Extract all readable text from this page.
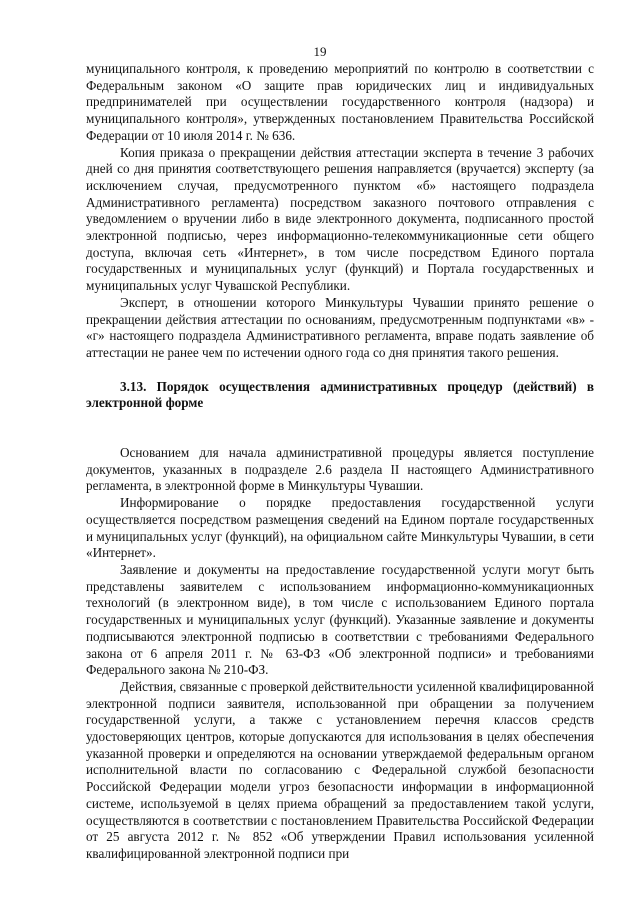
19

муниципального контроля, к проведению мероприятий по контролю в соответствии с Федеральным законом «О защите прав юридических лиц и индивидуальных предпринимателей при осуществлении государственного контроля (надзора) и муниципального контроля», утвержденных постановлением Правительства Российской Федерации от 10 июля 2014 г. № 636.

Копия приказа о прекращении действия аттестации эксперта в течение 3 рабочих дней со дня принятия соответствующего решения направляется (вручается) эксперту (за исключением случая, предусмотренного пунктом «б» настоящего подраздела Административного регламента) посредством заказного почтового отправления с уведомлением о вручении либо в виде электронного документа, подписанного простой электронной подписью, через информационно-телекоммуникационные сети общего доступа, включая сеть «Интернет», в том числе посредством Единого портала государственных и муниципальных услуг (функций) и Портала государственных и муниципальных услуг Чувашской Республики.

Эксперт, в отношении которого Минкультуры Чувашии принято решение о прекращении действия аттестации по основаниям, предусмотренным подпунктами «в» - «г» настоящего подраздела Административного регламента, вправе подать заявление об аттестации не ранее чем по истечении одного года со дня принятия такого решения.

3.13. Порядок осуществления административных процедур (действий) в электронной форме

Основанием для начала административной процедуры является поступление документов, указанных в подразделе 2.6 раздела II настоящего Административного регламента, в электронной форме в Минкультуры Чувашии.

Информирование о порядке предоставления государственной услуги осуществляется посредством размещения сведений на Едином портале государственных и муниципальных услуг (функций), на официальном сайте Минкультуры Чувашии, в сети «Интернет».

Заявление и документы на предоставление государственной услуги могут быть представлены заявителем с использованием информационно-коммуникационных технологий (в электронном виде), в том числе с использованием Единого портала государственных и муниципальных услуг (функций). Указанные заявление и документы подписываются электронной подписью в соответствии с требованиями Федерального закона от 6 апреля 2011 г. № 63-ФЗ «Об электронной подписи» и требованиями Федерального закона № 210-ФЗ.

Действия, связанные с проверкой действительности усиленной квалифицированной электронной подписи заявителя, использованной при обращении за получением государственной услуги, а также с установлением перечня классов средств удостоверяющих центров, которые допускаются для использования в целях обеспечения указанной проверки и определяются на основании утверждаемой федеральным органом исполнительной власти по согласованию с Федеральной службой безопасности Российской Федерации модели угроз безопасности информации в информационной системе, используемой в целях приема обращений за предоставлением такой услуги, осуществляются в соответствии с постановлением Правительства Российской Федерации от 25 августа 2012 г. № 852 «Об утверждении Правил использования усиленной квалифицированной электронной подписи при
